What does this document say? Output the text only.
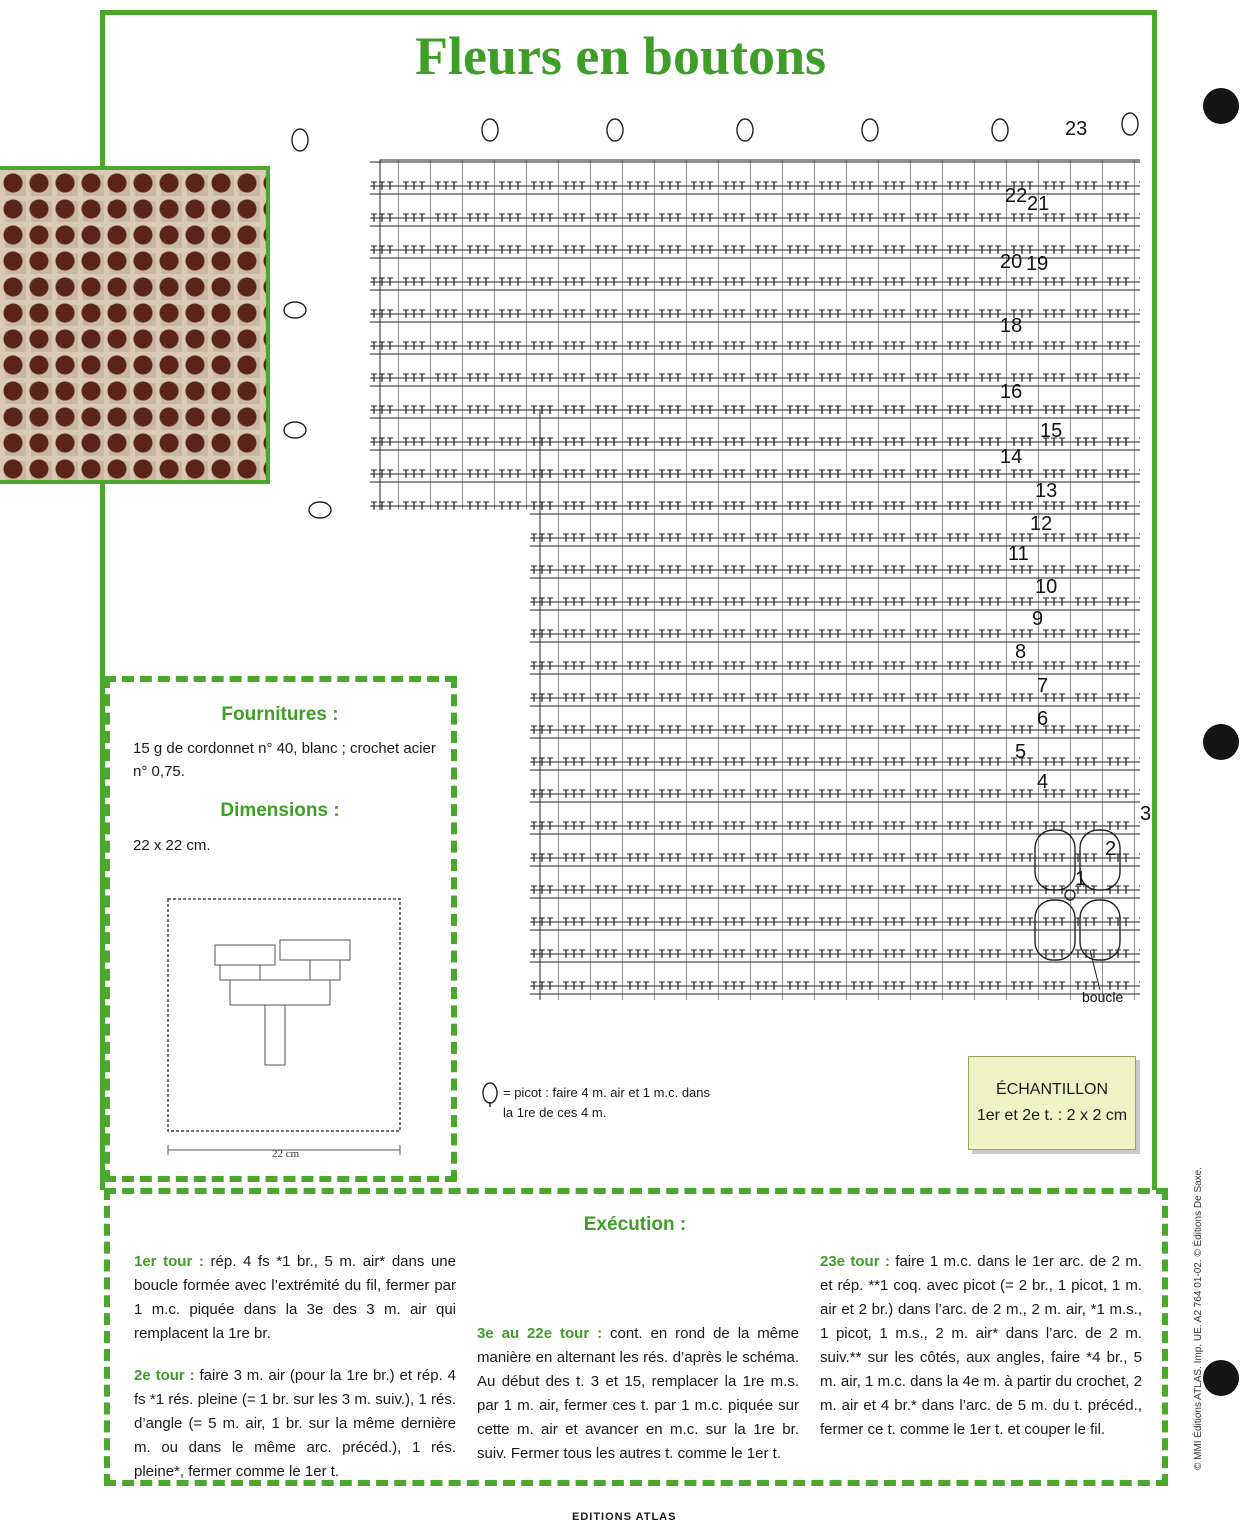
Fleurs en boutons
23
22 21
20 19
18
16
15
14
13
12
11
10
9
8
7
6
5
4
3
2
1
boucle
Fournitures :
15 g de cordonnet n° 40, blanc ; crochet acier n° 0,75.
Dimensions :
22 x 22 cm.
22 cm
= picot : faire 4 m. air et 1 m.c. dans
la 1re de ces 4 m.
ÉCHANTILLON
1er et 2e t. : 2 x 2 cm
Exécution :

1er tour : rép. 4 fs *1 br., 5 m. air* dans une boucle formée avec l’extrémité du fil, fermer par 1 m.c. piquée dans la 3e des 3 m. air qui remplacent la 1re br.

2e tour : faire 3 m. air (pour la 1re br.) et rép. 4 fs *1 rés. pleine (= 1 br. sur les 3 m. suiv.), 1 rés. d’angle (= 5 m. air, 1 br. sur la même dernière m. ou dans le même arc. précéd.), 1 rés. pleine*, fermer comme le 1er t.

3e au 22e tour : cont. en rond de la même manière en alternant les rés. d’après le schéma. Au début des t. 3 et 15, remplacer la 1re m.s. par 1 m. air, fermer ces t. par 1 m.c. piquée sur cette m. air et avancer en m.c. sur la 1re br. suiv. Fermer tous les autres t. comme le 1er t.

23e tour : faire 1 m.c. dans le 1er arc. de 2 m. et rép. **1 coq. avec picot (= 2 br., 1 picot, 1 m. air et 2 br.) dans l’arc. de 2 m., 2 m. air, *1 m.s., 1 picot, 1 m.s., 2 m. air* dans l’arc. de 2 m. suiv.** sur les côtés, aux angles, faire *4 br., 5 m. air, 1 m.c. dans la 4e m. à partir du crochet, 2 m. air et 4 br.* dans l’arc. de 5 m. du t. précéd., fermer ce t. comme le 1er t. et couper le fil.	© MMI Éditions ATLAS. Imp. UE. A2 764 01-02. © Éditions De Saxe.
EDITIONS ATLAS
